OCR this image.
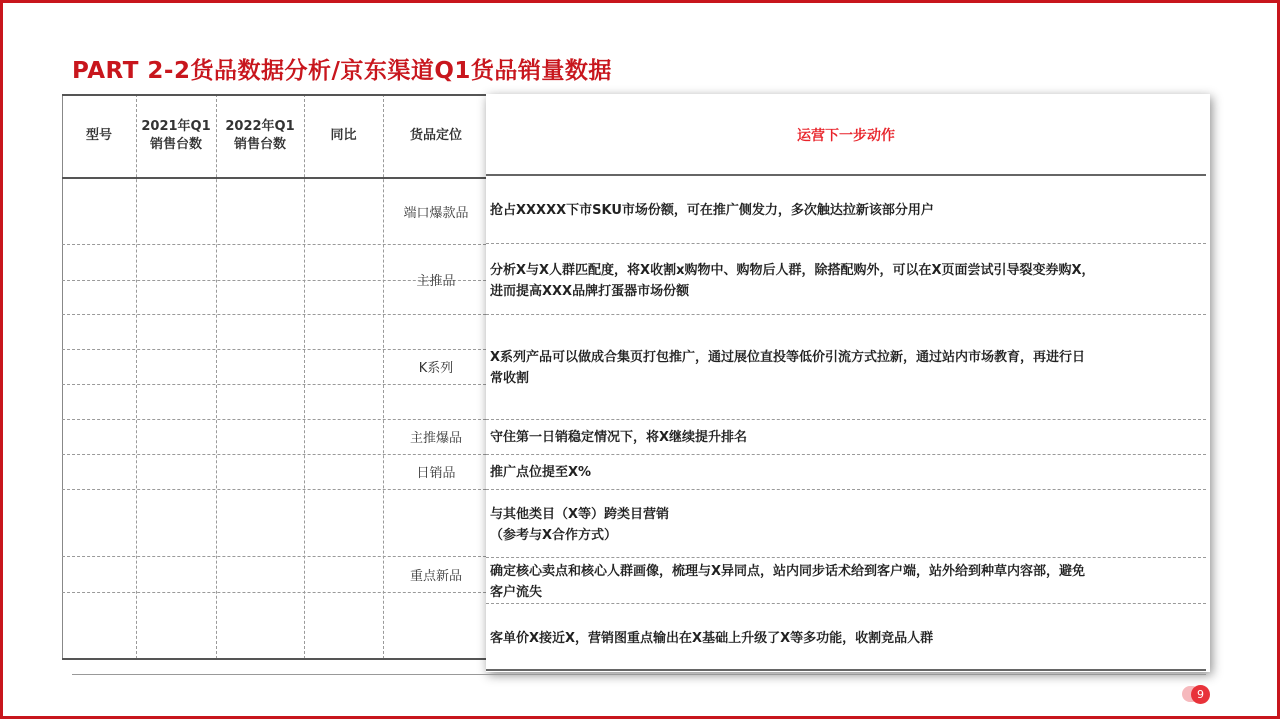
PART 2-2货品数据分析/京东渠道Q1货品销量数据
型号
2021年Q1
销售台数
2022年Q1
销售台数
同比	货品定位
端口爆款品
主推品
K系列
主推爆品
日销品
重点新品
运营下一步动作
抢占XXXXX下市SKU市场份额，可在推广侧发力，多次触达拉新该部分用户
分析X与X人群匹配度，将X收割x购物中、购物后人群，除搭配购外，可以在X页面尝试引导裂变券购X，
进而提高XXX品牌打蛋器市场份额
X系列产品可以做成合集页打包推广，通过展位直投等低价引流方式拉新，通过站内市场教育，再进行日
常收割
守住第一日销稳定情况下，将X继续提升排名
推广点位提至X%
与其他类目（X等）跨类目营销
（参考与X合作方式）
确定核心卖点和核心人群画像，梳理与X异同点，站内同步话术给到客户端，站外给到种草内容部，避免
客户流失
客单价X接近X，营销图重点输出在X基础上升级了X等多功能，收割竞品人群
9
